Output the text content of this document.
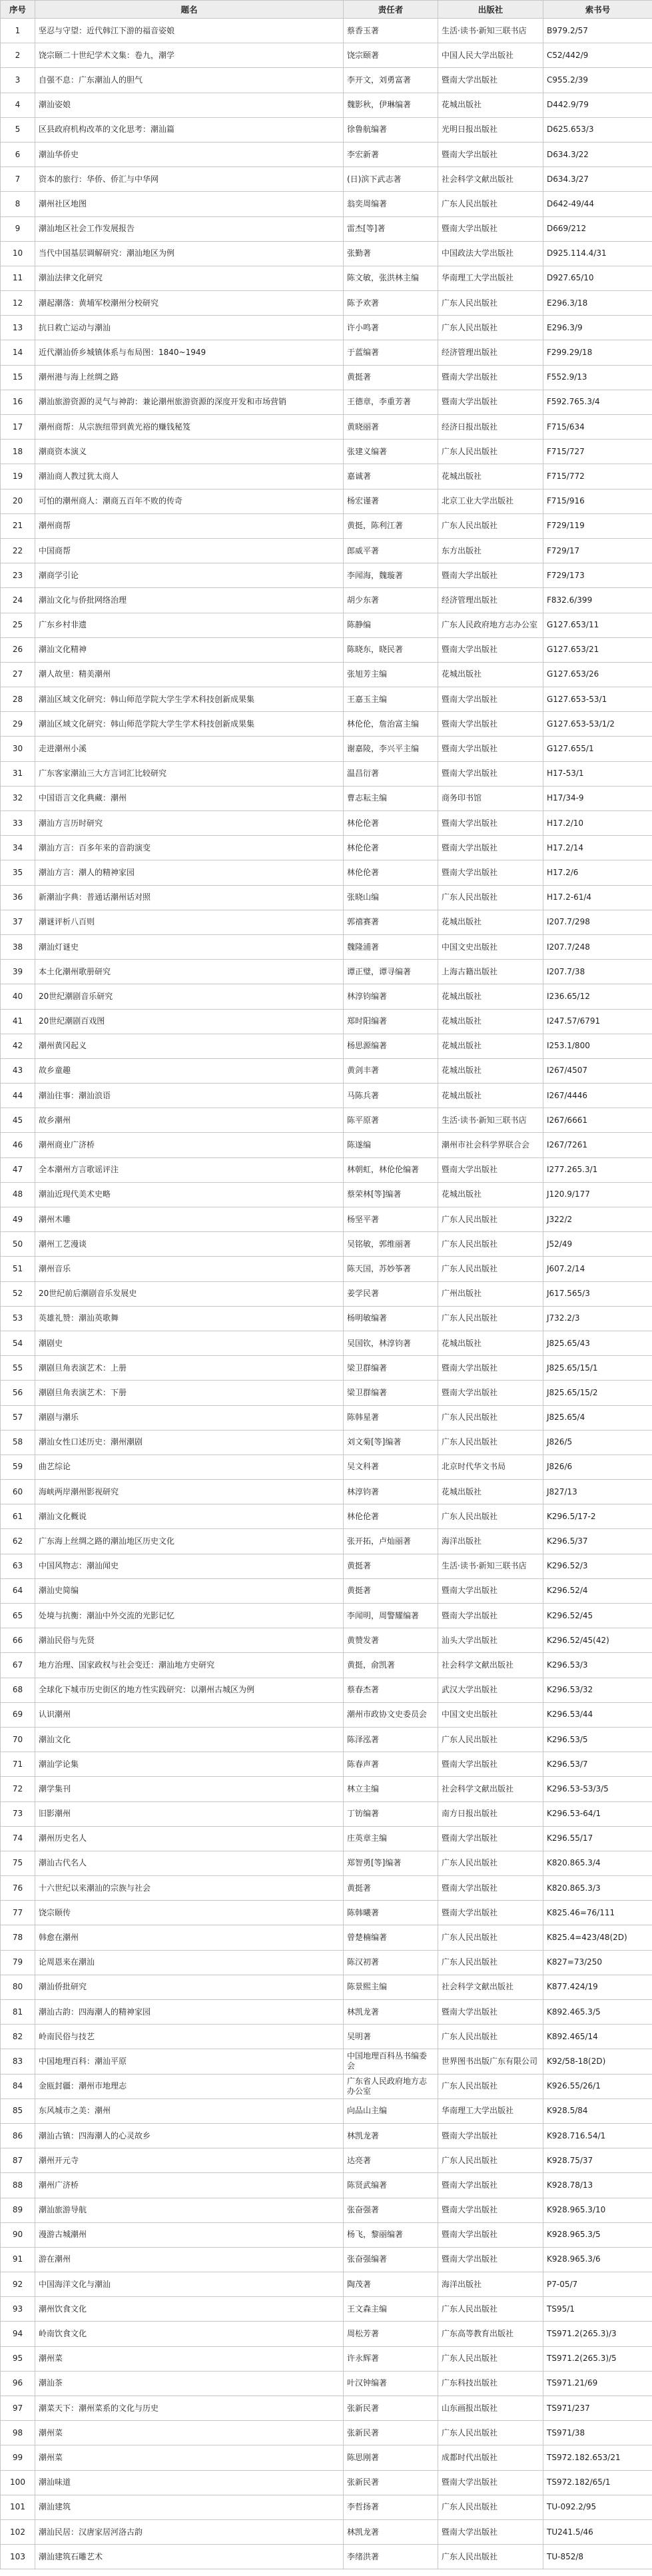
序号	题名	责任者	出版社	索书号
1	坚忍与守望：近代韩江下游的福音姿娘	蔡香玉著	生活·读书·新知三联书店	B979.2/57
2	饶宗颐二十世纪学术文集：卷九，潮学	饶宗颐著	中国人民大学出版社	C52/442/9
3	自强不息：广东潮汕人的胆气	李开文，刘勇富著	暨南大学出版社	C955.2/39
4	潮汕姿娘	魏影秋，伊琳编著	花城出版社	D442.9/79
5	区县政府机构改革的文化思考：潮汕篇	徐鲁航编著	光明日报出版社	D625.653/3
6	潮汕华侨史	李宏新著	暨南大学出版社	D634.3/22
7	资本的旅行：华侨、侨汇与中华网	(日)滨下武志著	社会科学文献出版社	D634.3/27
8	潮州社区地图	翁奕周编著	广东人民出版社	D642-49/44
9	潮汕地区社会工作发展报告	雷杰[等]著	暨南大学出版社	D669/212
10	当代中国基层调解研究：潮汕地区为例	张勤著	中国政法大学出版社	D925.114.4/31
11	潮汕法律文化研究	陈文敏，张洪林主编	华南理工大学出版社	D927.65/10
12	潮起潮落：黄埔军校潮州分校研究	陈予欢著	广东人民出版社	E296.3/18
13	抗日救亡运动与潮汕	许小鸣著	广东人民出版社	E296.3/9
14	近代潮汕侨乡城镇体系与布局图：1840~1949	于蓝编著	经济管理出版社	F299.29/18
15	潮州港与海上丝绸之路	黄挺著	暨南大学出版社	F552.9/13
16	潮汕旅游资源的灵气与神韵：兼论潮州旅游资源的深度开发和市场营销	王德章，李重芳著	暨南大学出版社	F592.765.3/4
17	潮州商帮：从宗族纽带到黄光裕的赚钱秘笈	黄晓丽著	经济日报出版社	F715/634
18	潮商资本演义	张建义编著	广东人民出版社	F715/727
19	潮汕商人教过犹太商人	嘉诚著	花城出版社	F715/772
20	可怕的潮州商人：潮商五百年不败的传奇	杨宏谨著	北京工业大学出版社	F715/916
21	潮州商帮	黄挺，陈利江著	广东人民出版社	F729/119
22	中国商帮	郎威平著	东方出版社	F729/17
23	潮商学引论	李闻海，魏璇著	暨南大学出版社	F729/173
24	潮汕文化与侨批网络治理	胡少东著	经济管理出版社	F832.6/399
25	广东乡村非遗	陈静编	广东人民政府地方志办公室	G127.653/11
26	潮汕文化精神	陈晓东，晓民著	暨南大学出版社	G127.653/21
27	潮人故里：精美潮州	张旭芳主编	花城出版社	G127.653/26
28	潮汕区域文化研究：韩山师范学院大学生学术科技创新成果集	王嘉玉主编	暨南大学出版社	G127.653-53/1
29	潮汕区域文化研究：韩山师范学院大学生学术科技创新成果集	林伦伦，詹治富主编	暨南大学出版社	G127.653-53/1/2
30	走进潮州小溪	谢嘉陵，李兴平主编	暨南大学出版社	G127.655/1
31	广东客家潮汕三大方言词汇比较研究	温昌衍著	暨南大学出版社	H17-53/1
32	中国语言文化典藏：潮州	曹志耘主编	商务印书馆	H17/34-9
33	潮汕方言历时研究	林伦伦著	暨南大学出版社	H17.2/10
34	潮汕方言：百多年来的音韵演变	林伦伦著	暨南大学出版社	H17.2/14
35	潮汕方言：潮人的精神家园	林伦伦著	暨南大学出版社	H17.2/6
36	新潮汕字典：普通话潮州话对照	张晓山编	广东人民出版社	H17.2-61/4
37	潮谜评析八百则	郭禧赛著	花城出版社	I207.7/298
38	潮汕灯谜史	魏隆浦著	中国文史出版社	I207.7/248
39	本土化潮州歌册研究	谭正璧，谭寻编著	上海古籍出版社	I207.7/38
40	20世纪潮剧音乐研究	林淳钧编著	花城出版社	I236.65/12
41	20世纪潮剧百戏图	郑时阳编著	花城出版社	I247.57/6791
42	潮州黄冈起义	杨思源编著	花城出版社	I253.1/800
43	故乡童趣	黄剑丰著	花城出版社	I267/4507
44	潮汕往事：潮汕浪语	马陈兵著	花城出版社	I267/4446
45	故乡潮州	陈平原著	生活·读书·新知三联书店	I267/6661
46	潮州商业广济桥	陈遂编	潮州市社会科学界联合会	I267/7261
47	全本潮州方言歌谣评注	林朝虹，林伦伦编著	暨南大学出版社	I277.265.3/1
48	潮汕近现代美术史略	蔡荣林[等]编著	花城出版社	J120.9/177
49	潮州木雕	杨坚平著	广东人民出版社	J322/2
50	潮州工艺漫谈	吴铭敏，郭维丽著	广东人民出版社	J52/49
51	潮州音乐	陈天国，苏妙筝著	广东人民出版社	J607.2/14
52	20世纪前后潮剧音乐发展史	姜学民著	广州出版社	J617.565/3
53	英雄礼赞：潮汕英歌舞	杨明敏编著	广东人民出版社	J732.2/3
54	潮剧史	吴国钦，林淳钧著	花城出版社	J825.65/43
55	潮剧旦角表演艺术：上册	梁卫群编著	暨南大学出版社	J825.65/15/1
56	潮剧旦角表演艺术：下册	梁卫群编著	暨南大学出版社	J825.65/15/2
57	潮剧与潮乐	陈韩星著	广东人民出版社	J825.65/4
58	潮汕女性口述历史：潮州潮剧	刘文菊[等]编著	广东人民出版社	J826/5
59	曲艺综论	吴文科著	北京时代华文书局	J826/6
60	海峡两岸潮州影视研究	林淳钧著	花城出版社	J827/13
61	潮汕文化概说	林伦伦著	广东人民出版社	K296.5/17-2
62	广东海上丝绸之路的潮汕地区历史文化	张开拓，卢灿丽著	海洋出版社	K296.5/37
63	中国风物志：潮汕闻史	黄挺著	生活·读书·新知三联书店	K296.52/3
64	潮汕史简编	黄挺著	暨南大学出版社	K296.52/4
65	处境与抗衡：潮汕中外交流的光影记忆	李闻明，周警耀编著	暨南大学出版社	K296.52/45
66	潮汕民俗与先贤	黄赞发著	汕头大学出版社	K296.52/45(42)
67	地方治理、国家政权与社会变迁：潮汕地方史研究	黄挺，俞凯著	社会科学文献出版社	K296.53/3
68	全球化下城市历史街区的地方性实践研究：以潮州古城区为例	蔡春杰著	武汉大学出版社	K296.53/32
69	认识潮州	潮州市政协文史委员会	中国文史出版社	K296.53/44
70	潮汕文化	陈泽泓著	广东人民出版社	K296.53/5
71	潮汕学论集	陈春声著	暨南大学出版社	K296.53/7
72	潮学集刊	林立主编	社会科学文献出版社	K296.53-53/3/5
73	旧影潮州	丁钫编著	南方日报出版社	K296.53-64/1
74	潮州历史名人	庄英章主编	暨南大学出版社	K296.55/17
75	潮汕古代名人	郑智勇[等]编著	广东人民出版社	K820.865.3/4
76	十六世纪以来潮汕的宗族与社会	黄挺著	暨南大学出版社	K820.865.3/3
77	饶宗颐传	陈韩曦著	暨南大学出版社	K825.46=76/111
78	韩愈在潮州	曾楚楠编著	广东人民出版社	K825.4=423/48(2D)
79	论周恩来在潮汕	陈汉初著	广东人民出版社	K827=73/250
80	潮汕侨批研究	陈景熙主编	社会科学文献出版社	K877.424/19
81	潮汕古韵：四海潮人的精神家园	林凯龙著	暨南大学出版社	K892.465.3/5
82	岭南民俗与技艺	吴明著	广东人民出版社	K892.465/14
83	中国地理百科：潮汕平原	中国地理百科丛书编委会	世界图书出版广东有限公司	K92/58-18(2D)
84	金瓯封疆：潮州市地理志	广东省人民政府地方志办公室	广东人民出版社	K926.55/26/1
85	东风城市之美：潮州	向品山主编	华南理工大学出版社	K928.5/84
86	潮汕古镇：四海潮人的心灵故乡	林凯龙著	暨南大学出版社	K928.716.54/1
87	潮州开元寺	达亮著	广东人民出版社	K928.75/37
88	潮州广济桥	陈贤武编著	暨南大学出版社	K928.78/13
89	潮汕旅游导航	张奋强著	暨南大学出版社	K928.965.3/10
90	漫游古城潮州	杨飞，黎丽编著	暨南大学出版社	K928.965.3/5
91	游在潮州	张奋强编著	暨南大学出版社	K928.965.3/6
92	中国海洋文化与潮汕	陶茂著	海洋出版社	P7-05/7
93	潮州饮食文化	王文森主编	广东人民出版社	TS95/1
94	岭南饮食文化	周松芳著	广东高等教育出版社	TS971.2(265.3)/3
95	潮州菜	许永辉著	广东人民出版社	TS971.2(265.3)/5
96	潮汕茶	叶汉钟编著	广东科技出版社	TS971.21/69
97	潮菜天下：潮州菜系的文化与历史	张新民著	山东画报出版社	TS971/237
98	潮州菜	张新民著	广东人民出版社	TS971/38
99	潮州菜	陈思刚著	成都时代出版社	TS972.182.653/21
100	潮汕味道	张新民著	暨南大学出版社	TS972.182/65/1
101	潮汕建筑	李哲扬著	广东人民出版社	TU-092.2/95
102	潮汕民居：汉唐家居河洛古韵	林凯龙著	暨南大学出版社	TU241.5/46
103	潮汕建筑石雕艺术	李绪洪著	广东人民出版社	TU-852/8
